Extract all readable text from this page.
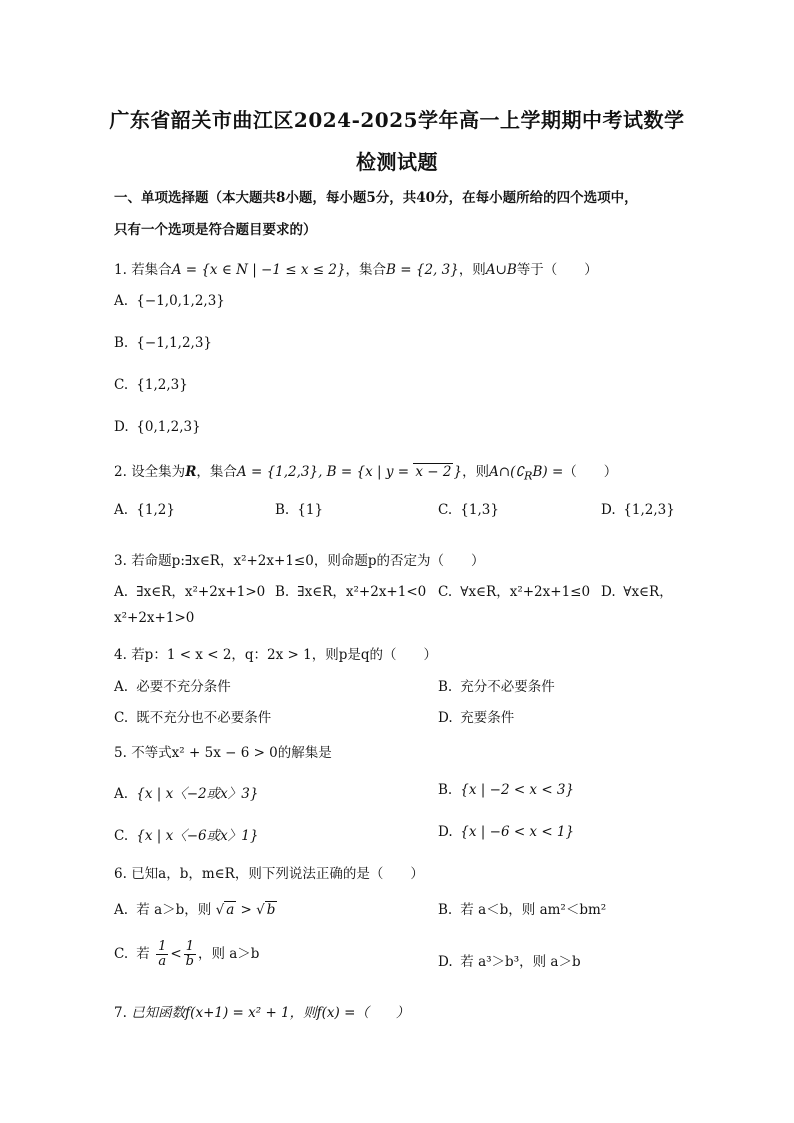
广东省韶关市曲江区2024-2025学年高一上学期期中考试数学
检测试题
一、单项选择题（本大题共8小题，每小题5分，共40分，在每小题所给的四个选项中，
只有一个选项是符合题目要求的）
1. 若集合A = {x ∈ N | −1 ≤ x ≤ 2}，集合B = {2, 3}，则A∪B等于（　　）
A. {−1,0,1,2,3}
B. {−1,1,2,3}
C. {1,2,3}
D. {0,1,2,3}
2. 设全集为R，集合A = {1,2,3}, B = {x | y = x − 2 }，则$A\cap(∁_RB)$ =（　　）
A. {1,2}	B. {1}	C. {1,3}	D. {1,2,3}
3. 若命题p:∃x∈R，x²+2x+1≤0，则命题p的否定为（　　）
A. ∃x∈R，x²+2x+1>0 B. ∃x∈R，x²+2x+1<0 C. ∀x∈R，x²+2x+1≤0 D. ∀x∈R，
x²+2x+1>0
4. 若p：1 < x < 2，q：2x > 1，则p是q的（　　）
A. 必要不充分条件	B. 充分不必要条件
C. 既不充分也不必要条件	D. 充要条件
5. 不等式x² + 5x − 6 > 0的解集是
A. {x | x〈−2或x〉3}	B. {x | −2 < x < 3}
C. {x | x〈−6或x〉1}	D. {x | −6 < x < 1}
6. 已知a，b，m∈R，则下列说法正确的是（　　）
A. 若 a＞b，则 √ a > √ b	B. 若 a＜b，则 am²＜bm²
C. 若 $\frac{1}{a} < \frac{1}{b}$ ，则 a＞b	D. 若 a³＞b³，则 a＞b
7. 已知函数f(x+1) = x² + 1，则f(x) =（　　）
